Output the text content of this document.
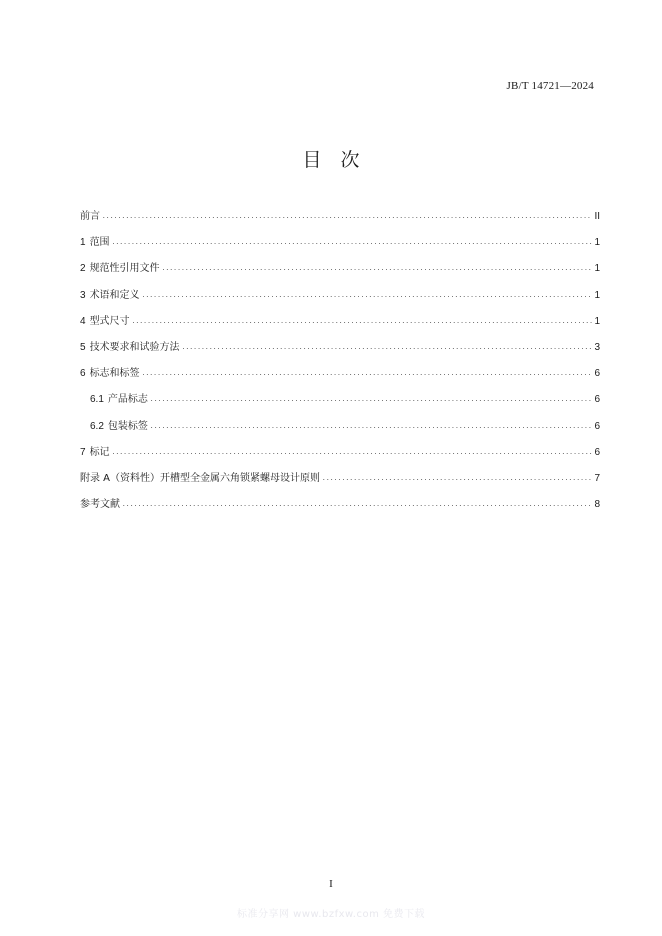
JB/T 14721—2024
目　次
前言 .....	II
1 范围 .....	1
2 规范性引用文件 .....	1
3 术语和定义 .....	1
4 型式尺寸 .....	1
5 技术要求和试验方法 .....	3
6 标志和标签 .....	6
6.1 产品标志 .....	6
6.2 包装标签 .....	6
7 标记 .....	6
附录 A（资料性）开槽型全金属六角锁紧螺母设计原则 .....	7
参考文献 .....	8
I
标准分享网 www.bzfxw.com 免费下载
